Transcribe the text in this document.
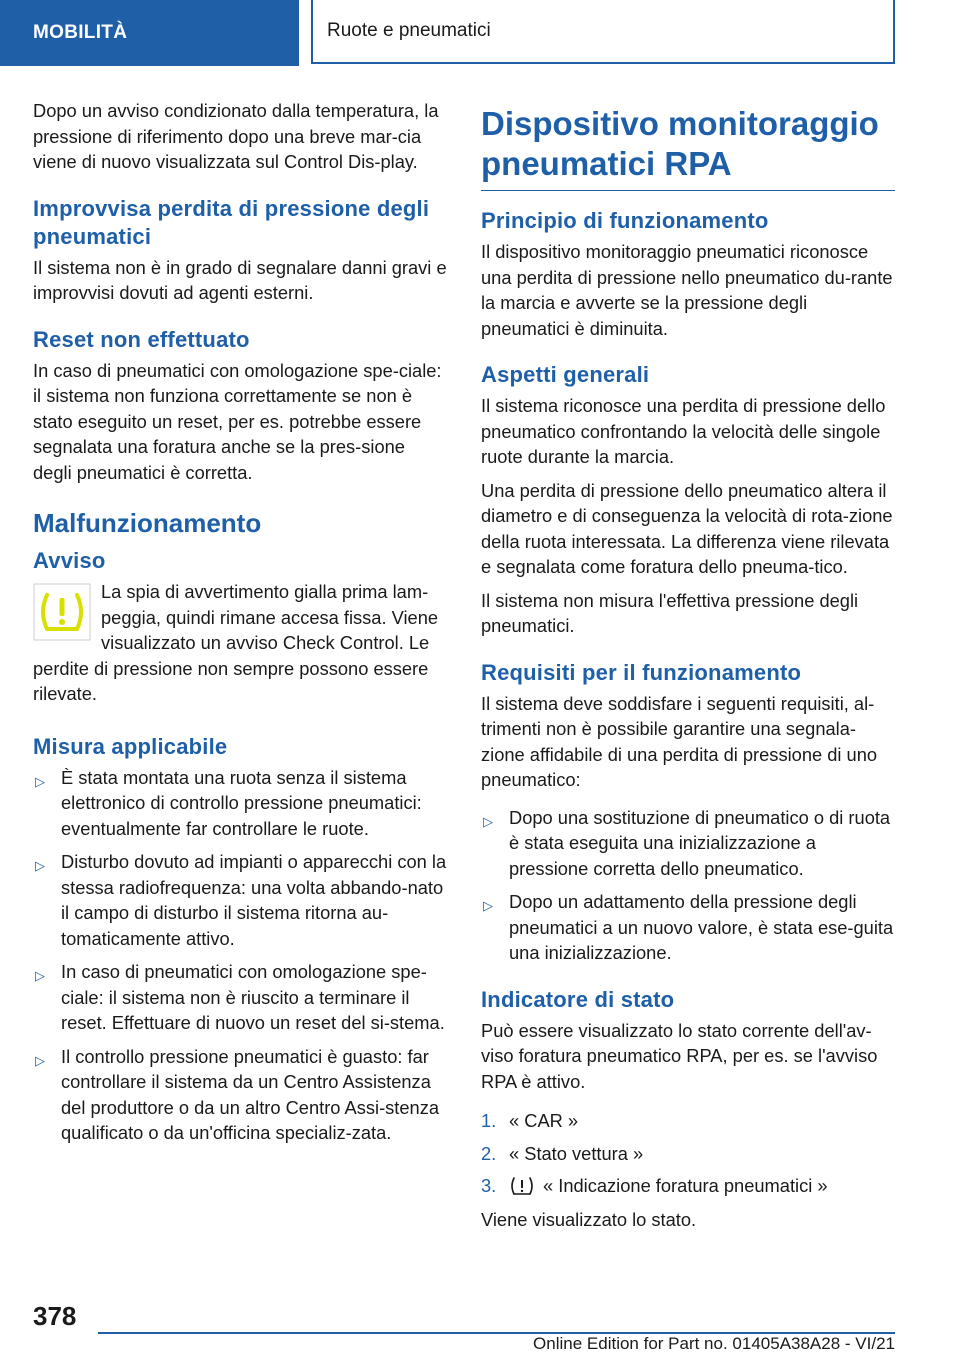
MOBILITÀ	Ruote e pneumatici

Dopo un avviso condizionato dalla temperatura, la pressione di riferimento dopo una breve mar-cia viene di nuovo visualizzata sul Control Dis-play.

Improvvisa perdita di pressione degli pneumatici

Il sistema non è in grado di segnalare danni gravi e improvvisi dovuti ad agenti esterni.

Reset non effettuato

In caso di pneumatici con omologazione spe-ciale: il sistema non funziona correttamente se non è stato eseguito un reset, per es. potrebbe essere segnalata una foratura anche se la pres-sione degli pneumatici è corretta.

Malfunzionamento
Avviso

La spia di avvertimento gialla prima lam-peggia, quindi rimane accesa fissa. Viene visualizzato un avviso Check Control. Le perdite di pressione non sempre possono essere rilevate.

Misura applicabile
▷ È stata montata una ruota senza il sistema elettronico di controllo pressione pneumatici: eventualmente far controllare le ruote.
▷ Disturbo dovuto ad impianti o apparecchi con la stessa radiofrequenza: una volta abbando-nato il campo di disturbo il sistema ritorna au-tomaticamente attivo.
▷ In caso di pneumatici con omologazione spe-ciale: il sistema non è riuscito a terminare il reset. Effettuare di nuovo un reset del si-stema.
▷ Il controllo pressione pneumatici è guasto: far controllare il sistema da un Centro Assistenza del produttore o da un altro Centro Assi-stenza qualificato o da un'officina specializ-zata.
Dispositivo monitoraggio pneumatici RPA
Principio di funzionamento

Il dispositivo monitoraggio pneumatici riconosce una perdita di pressione nello pneumatico du-rante la marcia e avverte se la pressione degli pneumatici è diminuita.

Aspetti generali

Il sistema riconosce una perdita di pressione dello pneumatico confrontando la velocità delle singole ruote durante la marcia.

Una perdita di pressione dello pneumatico altera il diametro e di conseguenza la velocità di rota-zione della ruota interessata. La differenza viene rilevata e segnalata come foratura dello pneuma-tico.

Il sistema non misura l'effettiva pressione degli pneumatici.

Requisiti per il funzionamento

Il sistema deve soddisfare i seguenti requisiti, al-trimenti non è possibile garantire una segnala-zione affidabile di una perdita di pressione di uno pneumatico:

▷ Dopo una sostituzione di pneumatico o di ruota è stata eseguita una inizializzazione a pressione corretta dello pneumatico.
▷ Dopo un adattamento della pressione degli pneumatici a un nuovo valore, è stata ese-guita una inizializzazione.
Indicatore di stato

Può essere visualizzato lo stato corrente dell'av-viso foratura pneumatico RPA, per es. se l'avviso RPA è attivo.

1. « CAR »
2. « Stato vettura »
3.	« Indicazione foratura pneumatici »

Viene visualizzato lo stato.

378
Online Edition for Part no. 01405A38A28 - VI/21
